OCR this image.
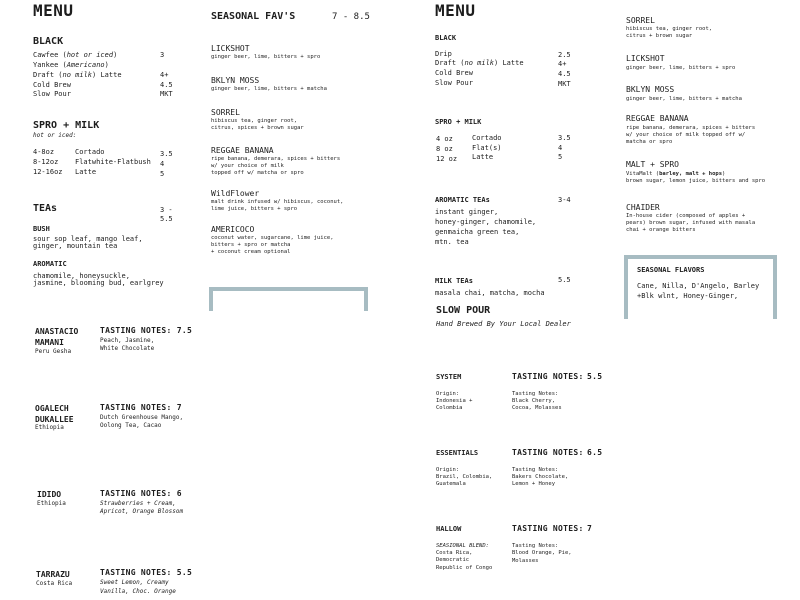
MENU
BLACK
Cawfee (hot or iced)	3
Yankee (Americano)
Draft (no milk) Latte	4+
Cold Brew	4.5
Slow Pour	MKT
SPRO + MILK
hot or iced:
4-8oz	Cortado	3.5
8-12oz Flatwhite-Flatbush 4
12-16oz Latte	5
TEAs	3 - 5.5
BUSH
sour sop leaf, mango leaf,
ginger, mountain tea
AROMATIC
chamomile, honeysuckle,
jasmine, blooming bud, earlgrey
SEASONAL FAV'S	7 - 8.5
LICKSHOT
ginger beer, lime, bitters + spro
BKLYN MOSS
ginger beer, lime, bitters + matcha
SORREL
hibiscus tea, ginger root,
citrus, spices + brown sugar
REGGAE BANANA
ripe banana, demerara, spices + bitters
w/ your choice of milk
topped off w/ matcha or spro
WildFlower
malt drink infused w/ hibiscus, coconut,
lime juice, bitters + spro
AMERICOCO
coconut water, sugarcane, lime juice,
bitters + spro or matcha
+ coconut cream optional
ANASTACIO
MAMANI
Peru Gesha
TASTING NOTES: 7.5
Peach, Jasmine,
White Chocolate
OGALECH
DUKALLEE
Ethiopia
TASTING NOTES: 7
Dutch Greenhouse Mango,
Oolong Tea, Cacao
IDIDO
Ethiopia
TASTING NOTES: 6
Strawberries + Cream,
Apricot, Orange Blossom
TARRAZU
Costa Rica
TASTING NOTES: 5.5
Sweet Lemon, Creamy
Vanilla, Choc. Orange
MENU
BLACK
Drip	2.5
Draft (no milk) Latte	4+
Cold Brew	4.5
Slow Pour	MKT
SPRO + MILK
4 oz	Cortado	3.5
8 oz	Flat(s)	4
12 oz Latte	5
AROMATIC TEAs	3-4
instant ginger,
honey-ginger, chamomile,
genmaicha green tea,
mtn. tea
MILK TEAs	5.5
masala chai, matcha, mocha
SLOW POUR
Hand Brewed By Your Local Dealer
SYSTEM	TASTING NOTES: 5.5
Origin:
Indonesia +
Colombia
Tasting Notes:
Black Cherry,
Cocoa, Molasses
ESSENTIALS	TASTING NOTES: 6.5
Origin:
Brazil, Colombia,
Guatemala
Tasting Notes:
Bakers Chocolate,
Lemon + Honey
HALLOW	TASTING NOTES: 7
SEASIONAL BLEND:
Costa Rica,
Democratic
Republic of Congo
Tasting Notes:
Blood Orange, Pie,
Molasses
SORREL
hibiscus tea, ginger root,
citrus + brown sugar
LICKSHOT
ginger beer, lime, bitters + spro
BKLYN MOSS
ginger beer, lime, bitters + matcha
REGGAE BANANA
ripe banana, demerara, spices + bitters
w/ your choice of milk topped off w/
matcha or spro
MALT + SPRO
VitaMalt (barley, malt + hops)
brown sugar, lemon juice, bitters and spro
CHAIDER
In-house cider (composed of apples +
pears) brown sugar, infused with masala
chai + orange bitters
SEASONAL FLAVORS
Cane, Nilla, D'Angelo, Barley
+Blk wlnt, Honey-Ginger,
